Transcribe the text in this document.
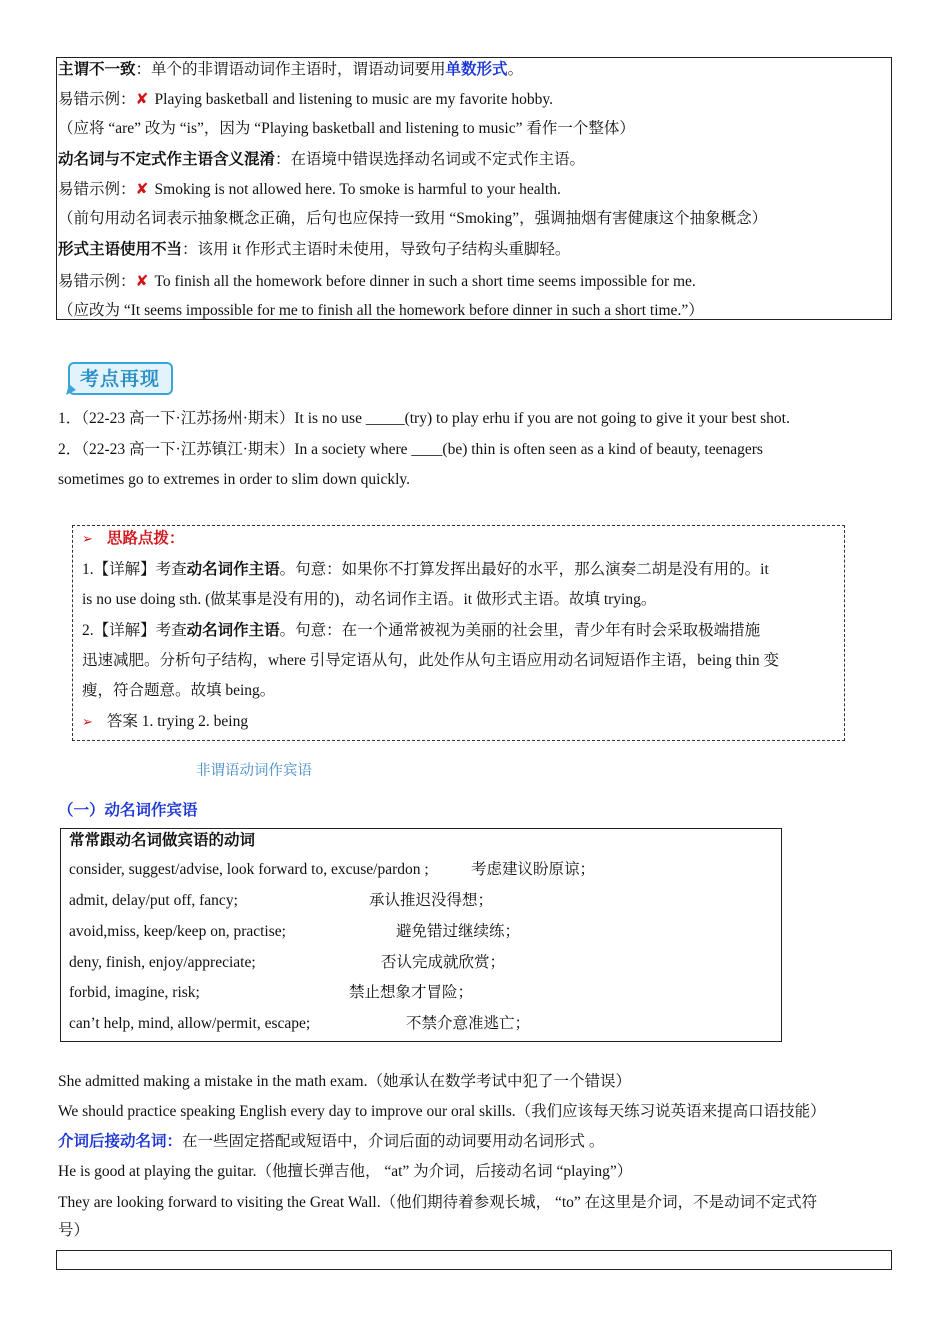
主谓不一致：单个的非谓语动词作主语时，谓语动词要用单数形式。
易错示例：✘ Playing basketball and listening to music are my favorite hobby.
（应将 “are” 改为 “is”，因为 “Playing basketball and listening to music” 看作一个整体）
动名词与不定式作主语含义混淆：在语境中错误选择动名词或不定式作主语。
易错示例：✘ Smoking is not allowed here. To smoke is harmful to your health.
（前句用动名词表示抽象概念正确，后句也应保持一致用 “Smoking”，强调抽烟有害健康这个抽象概念）
形式主语使用不当：该用 it 作形式主语时未使用，导致句子结构头重脚轻。
易错示例：✘ To finish all the homework before dinner in such a short time seems impossible for me.
（应改为 “It seems impossible for me to finish all the homework before dinner in such a short time.”）
考点再现
1．（22-23 高一下·江苏扬州·期末）It is no use _____(try) to play erhu if you are not going to give it your best shot.
2．（22-23 高一下·江苏镇江·期末）In a society where ____(be) thin is often seen as a kind of beauty, teenagers
sometimes go to extremes in order to slim down quickly.
➢ 思路点拨：
1.【详解】考查动名词作主语。句意：如果你不打算发挥出最好的水平，那么演奏二胡是没有用的。it
is no use doing sth. (做某事是没有用的)，动名词作主语。it 做形式主语。故填 trying。
2.【详解】考查动名词作主语。句意：在一个通常被视为美丽的社会里，青少年有时会采取极端措施
迅速减肥。分析句子结构，where 引导定语从句，此处作从句主语应用动名词短语作主语，being thin 变
瘦，符合题意。故填 being。
➢ 答案 1. trying 2. being
非谓语动词作宾语
（一）动名词作宾语
常常跟动名词做宾语的动词
consider, suggest/advise, look forward to, excuse/pardon ;	考虑建议盼原谅；
admit, delay/put off, fancy;	承认推迟没得想；
avoid,miss, keep/keep on, practise;	避免错过继续练；
deny, finish, enjoy/appreciate;	否认完成就欣赏；
forbid, imagine, risk;	禁止想象才冒险；
can’t help, mind, allow/permit, escape;	不禁介意准逃亡；
She admitted making a mistake in the math exam.（她承认在数学考试中犯了一个错误）
We should practice speaking English every day to improve our oral skills.（我们应该每天练习说英语来提高口语技能）
介词后接动名词：在一些固定搭配或短语中，介词后面的动词要用动名词形式 。
He is good at playing the guitar.（他擅长弹吉他， “at” 为介词，后接动名词 “playing”）
They are looking forward to visiting the Great Wall.（他们期待着参观长城， “to” 在这里是介词，不是动词不定式符
号）
